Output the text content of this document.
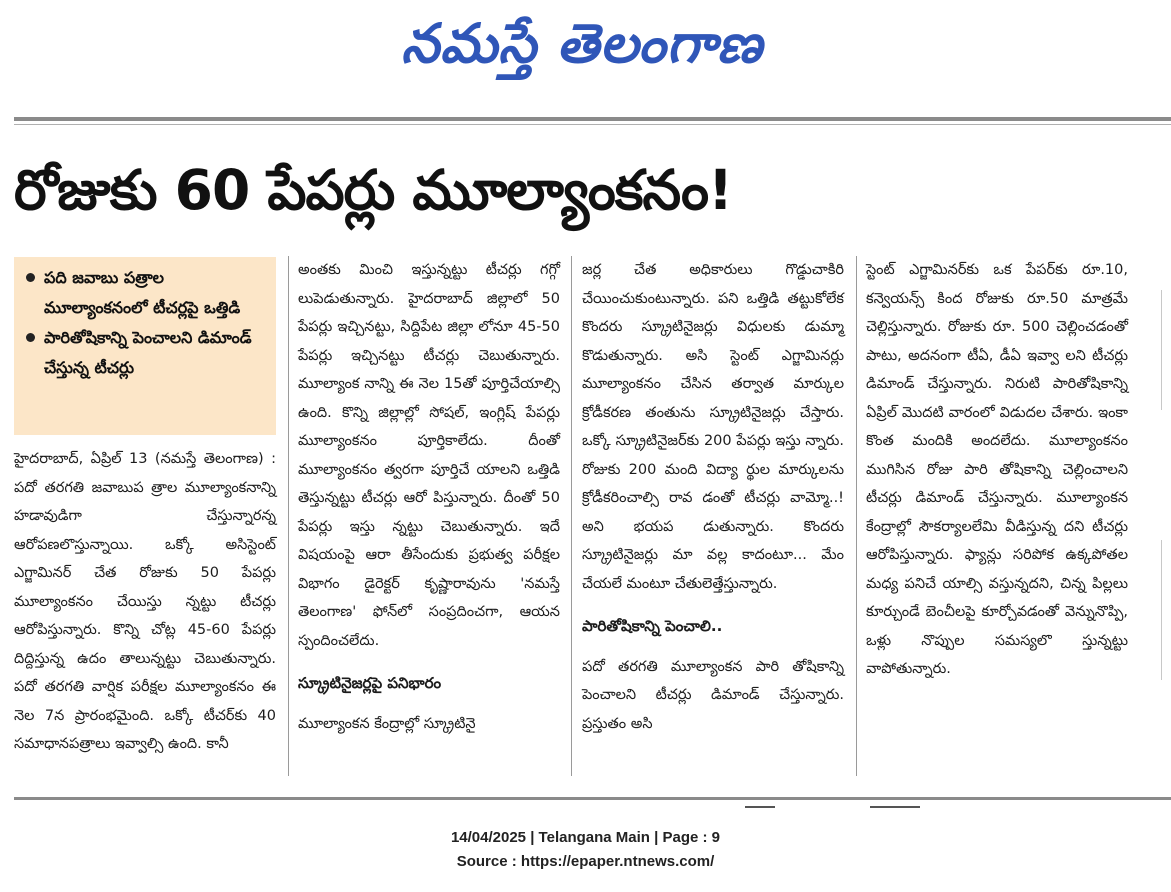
నమస్తే తెలంగాణ
రోజుకు 60 పేపర్లు మూల్యాంకనం!
పది జవాబు పత్రాల మూల్యాంకనంలో టీచర్లపై ఒత్తిడి
పారితోషికాన్ని పెంచాలని డిమాండ్ చేస్తున్న టీచర్లు

హైదరాబాద్, ఏప్రిల్ 13 (నమస్తే తెలంగాణ) : పదో తరగతి జవాబుప త్రాల మూల్యాంకనాన్ని హడావుడిగా చేస్తున్నారన్న ఆరోపణలొస్తున్నాయి. ఒక్కో అసిస్టెంట్ ఎగ్జామినర్ చేత రోజుకు 50 పేపర్లు మూల్యాంకనం చేయిస్తు న్నట్టు టీచర్లు ఆరోపిస్తున్నారు. కొన్ని చోట్ల 45-60 పేపర్లు దిద్దిస్తున్న ఉదం తాలున్నట్టు చెబుతున్నారు. పదో తరగతి వార్షిక పరీక్షల మూల్యాంకనం ఈ నెల 7న ప్రారంభమైంది. ఒక్కో టీచర్‌కు 40 సమాధానపత్రాలు ఇవ్వాల్సి ఉంది. కానీ

అంతకు మించి ఇస్తున్నట్టు టీచర్లు గగ్గో లుపెడుతున్నారు. హైదరాబాద్ జిల్లాలో 50 పేపర్లు ఇచ్చినట్టు, సిద్దిపేట జిల్లా లోనూ 45-50 పేపర్లు ఇచ్చినట్టు టీచర్లు చెబుతున్నారు. మూల్యాంక నాన్ని ఈ నెల 15తో పూర్తిచేయాల్సి ఉంది. కొన్ని జిల్లాల్లో సోషల్, ఇంగ్లిష్ పేపర్లు మూల్యాంకనం పూర్తికాలేదు. దీంతో మూల్యాంకనం త్వరగా పూర్తిచే యాలని ఒత్తిడి తెస్తున్నట్టు టీచర్లు ఆరో పిస్తున్నారు. దీంతో 50 పేపర్లు ఇస్తు న్నట్టు చెబుతున్నారు. ఇదే విషయంపై ఆరా తీసేందుకు ప్రభుత్వ పరీక్షల విభాగం డైరెక్టర్ కృష్ణారావును 'నమస్తే తెలంగాణ' ఫోన్‌లో సంప్రదించగా, ఆయన స్పందించలేదు.

స్క్రూటినైజర్లపై పనిభారం

మూల్యాంకన కేంద్రాల్లో స్క్రూటినై

జర్ల చేత అధికారులు గొడ్డుచాకిరి చేయించుకుంటున్నారు. పని ఒత్తిడి తట్టుకోలేక కొందరు స్క్రూటినైజర్లు విధులకు డుమ్మా కొడుతున్నారు. అసి స్టెంట్ ఎగ్జామినర్లు మూల్యాంకనం చేసిన తర్వాత మార్కుల క్రోడీకరణ తంతును స్క్రూటినైజర్లు చేస్తారు. ఒక్కో స్క్రూటినైజర్‌కు 200 పేపర్లు ఇస్తు న్నారు. రోజుకు 200 మంది విద్యా ర్థుల మార్కులను క్రోడీకరించాల్సి రావ డంతో టీచర్లు వామ్మో..! అని భయప డుతున్నారు. కొందరు స్క్రూటినైజర్లు మా వల్ల కాదంటూ... మేం చేయలే మంటూ చేతులెత్తేస్తున్నారు.

పారితోషికాన్ని పెంచాలి..

పదో తరగతి మూల్యాంకన పారి తోషికాన్ని పెంచాలని టీచర్లు డిమాండ్ చేస్తున్నారు. ప్రస్తుతం అసి

స్టెంట్ ఎగ్జామినర్‌కు ఒక పేపర్‌కు రూ.10, కన్వెయన్స్ కింద రోజుకు రూ.50 మాత్రమే చెల్లిస్తున్నారు. రోజుకు రూ. 500 చెల్లించడంతో పాటు, అదనంగా టీఏ, డీఏ ఇవ్వా లని టీచర్లు డిమాండ్ చేస్తున్నారు. నిరుటి పారితోషికాన్ని ఏప్రిల్ మొదటి వారంలో విడుదల చేశారు. ఇంకా కొంత మందికి అందలేదు. మూల్యాంకనం ముగిసిన రోజు పారి తోషికాన్ని చెల్లించాలని టీచర్లు డిమాండ్ చేస్తున్నారు. మూల్యాంకన కేంద్రాల్లో సౌకర్యాలలేమి వీడిస్తున్న దని టీచర్లు ఆరోపిస్తున్నారు. ఫ్యాన్లు సరిపోక ఉక్కపోతల మధ్య పనిచే యాల్సి వస్తున్నదని, చిన్న పిల్లలు కూర్చుండే బెంచీలపై కూర్చోవడంతో వెన్నునొప్పి, ఒళ్లు నొప్పుల సమస్యలొ స్తున్నట్టు వాపోతున్నారు.

14/04/2025 | Telangana Main | Page : 9
Source : https://epaper.ntnews.com/
